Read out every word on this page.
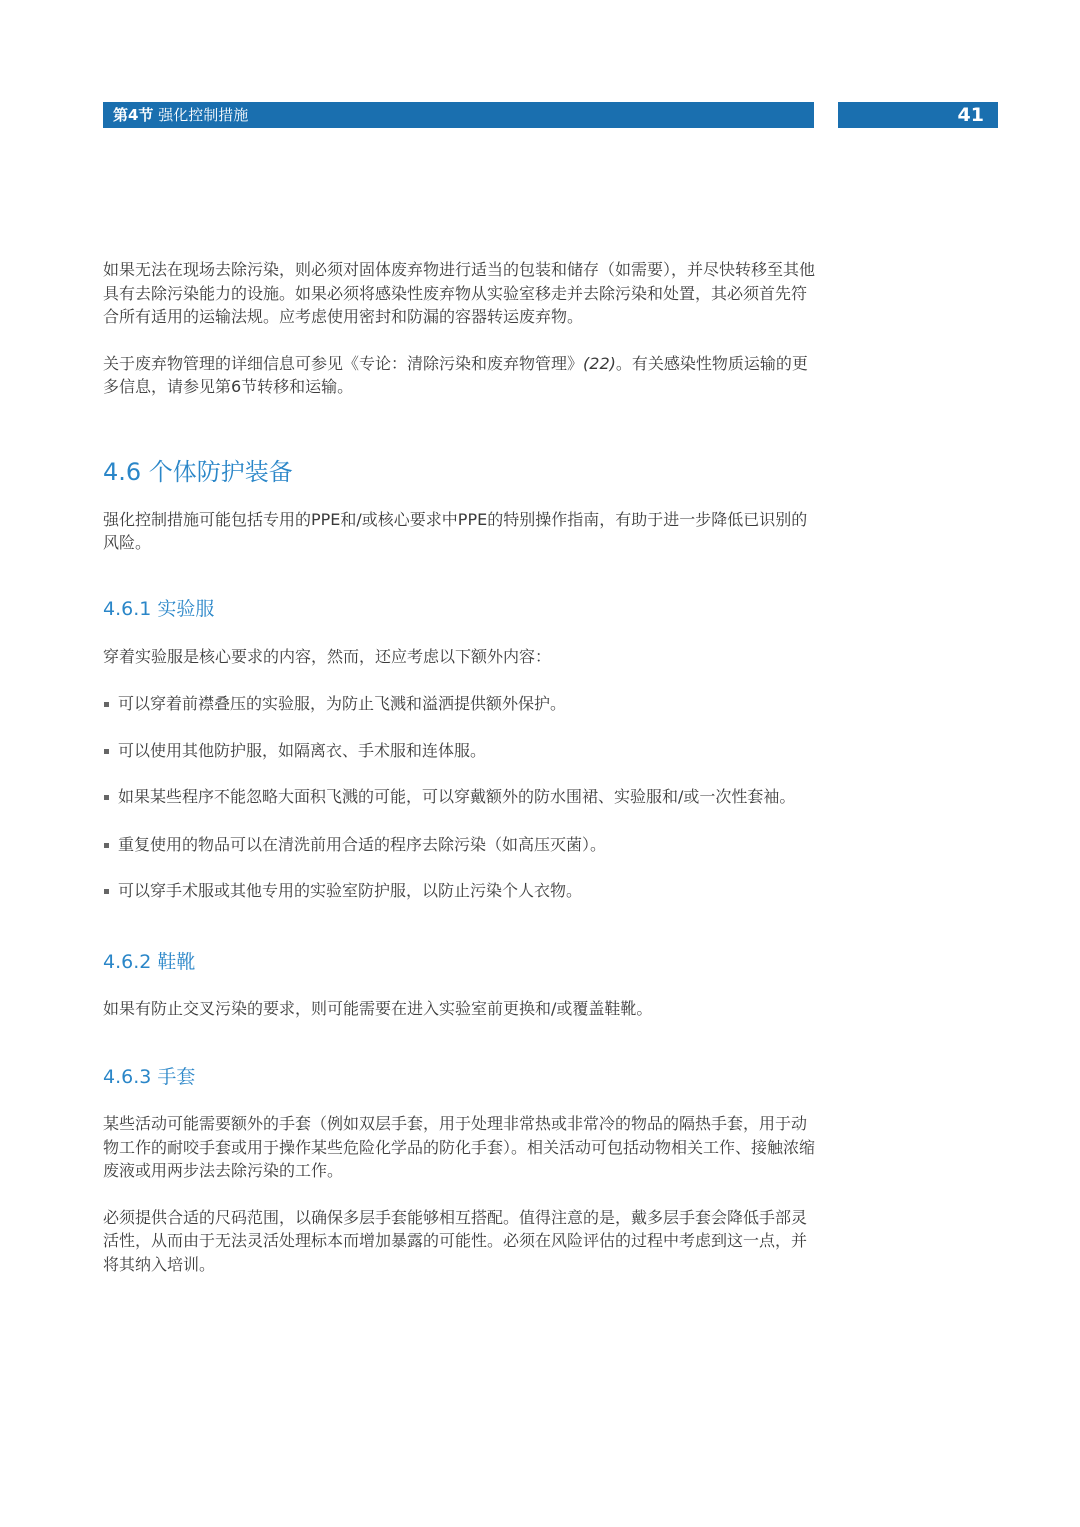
第4节 强化控制措施	41

如果无法在现场去除污染，则必须对固体废弃物进行适当的包装和储存（如需要），并尽快转移至其他具有去除污染能力的设施。如果必须将感染性废弃物从实验室移走并去除污染和处置，其必须首先符合所有适用的运输法规。应考虑使用密封和防漏的容器转运废弃物。

关于废弃物管理的详细信息可参见《专论：清除污染和废弃物管理》(22)。有关感染性物质运输的更多信息，请参见第6节转移和运输。

4.6 个体防护装备

强化控制措施可能包括专用的PPE和/或核心要求中PPE的特别操作指南，有助于进一步降低已识别的风险。

4.6.1 实验服

穿着实验服是核心要求的内容，然而，还应考虑以下额外内容：

可以穿着前襟叠压的实验服，为防止飞溅和溢洒提供额外保护。
可以使用其他防护服，如隔离衣、手术服和连体服。
如果某些程序不能忽略大面积飞溅的可能，可以穿戴额外的防水围裙、实验服和/或一次性套袖。
重复使用的物品可以在清洗前用合适的程序去除污染（如高压灭菌）。
可以穿手术服或其他专用的实验室防护服，以防止污染个人衣物。
4.6.2 鞋靴

如果有防止交叉污染的要求，则可能需要在进入实验室前更换和/或覆盖鞋靴。

4.6.3 手套

某些活动可能需要额外的手套（例如双层手套，用于处理非常热或非常冷的物品的隔热手套，用于动物工作的耐咬手套或用于操作某些危险化学品的防化手套）。相关活动可包括动物相关工作、接触浓缩废液或用两步法去除污染的工作。

必须提供合适的尺码范围，以确保多层手套能够相互搭配。值得注意的是，戴多层手套会降低手部灵活性，从而由于无法灵活处理标本而增加暴露的可能性。必须在风险评估的过程中考虑到这一点，并将其纳入培训。
